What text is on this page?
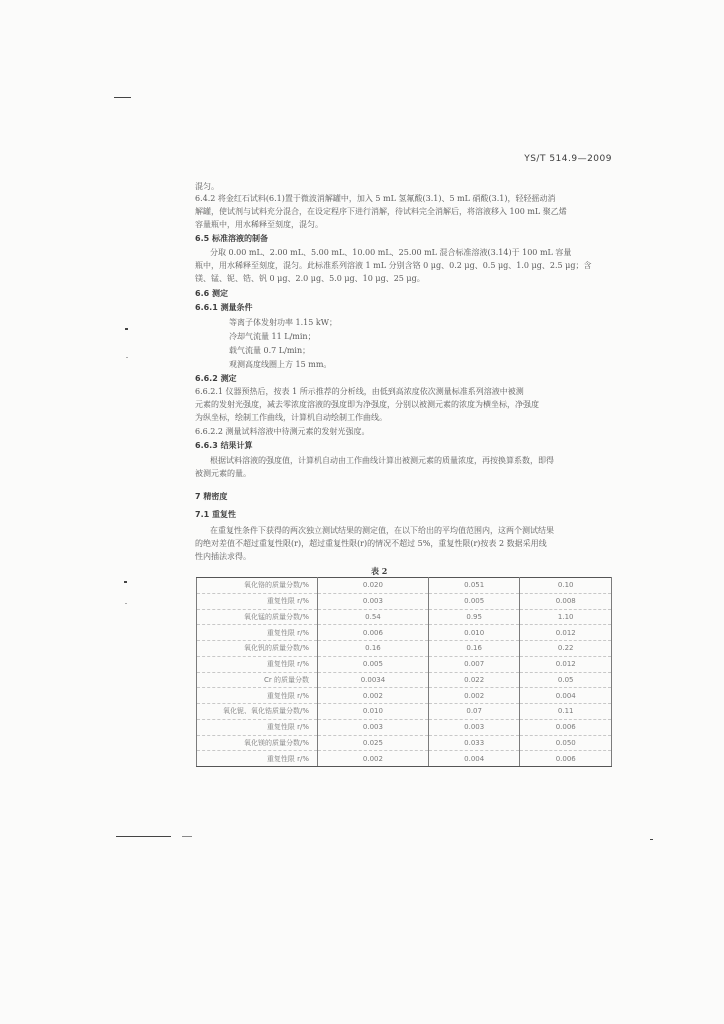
YS/T 514.9—2009
混匀。
6.4.2 将金红石试料(6.1)置于微波消解罐中，加入 5 mL 氢氟酸(3.1)、5 mL 硝酸(3.1)，轻轻摇动消
解罐，使试剂与试料充分混合，在设定程序下进行消解，待试料完全消解后，将溶液移入 100 mL 聚乙烯
容量瓶中，用水稀释至刻度，混匀。
6.5 标准溶液的制备
分取 0.00 mL、2.00 mL、5.00 mL、10.00 mL、25.00 mL 混合标准溶液(3.14)于 100 mL 容量
瓶中，用水稀释至刻度，混匀。此标准系列溶液 1 mL 分别含铬 0 μg、0.2 μg、0.5 μg、1.0 μg、2.5 μg；含
镁、锰、铌、锆、钒 0 μg、2.0 μg、5.0 μg、10 μg、25 μg。
6.6 测定
6.6.1 测量条件
等离子体发射功率 1.15 kW；
冷却气流量 11 L/min；
载气流量 0.7 L/min；
观测高度线圈上方 15 mm。
6.6.2 测定
6.6.2.1 仪器预热后，按表 1 所示推荐的分析线，由低到高浓度依次测量标准系列溶液中被测
元素的发射光强度，减去零浓度溶液的强度即为净强度，分别以被测元素的浓度为横坐标，净强度
为纵坐标，绘制工作曲线，计算机自动绘制工作曲线。
6.6.2.2 测量试料溶液中待测元素的发射光强度。
6.6.3 结果计算
根据试料溶液的强度值，计算机自动由工作曲线计算出被测元素的质量浓度，再按换算系数，即得
被测元素的量。
7 精密度
7.1 重复性
在重复性条件下获得的两次独立测试结果的测定值，在以下给出的平均值范围内，这两个测试结果
的绝对差值不超过重复性限(r)，超过重复性限(r)的情况不超过 5%，重复性限(r)按表 2 数据采用线
性内插法求得。
表 2
氧化铬的质量分数/%	0.020	0.051	0.10
重复性限 r/%	0.003	0.005	0.008
氧化锰的质量分数/%	0.54	0.95	1.10
重复性限 r/%	0.006	0.010	0.012
氧化钒的质量分数/%	0.16	0.16	0.22
重复性限 r/%	0.005	0.007	0.012
Cr 的质量分数	0.0034	0.022	0.05
重复性限 r/%	0.002	0.002	0.004
氧化铌、氧化锆质量分数/%	0.010	0.07	0.11
重复性限 r/%	0.003	0.003	0.006
氧化镁的质量分数/%	0.025	0.033	0.050
重复性限 r/%	0.002	0.004	0.006
